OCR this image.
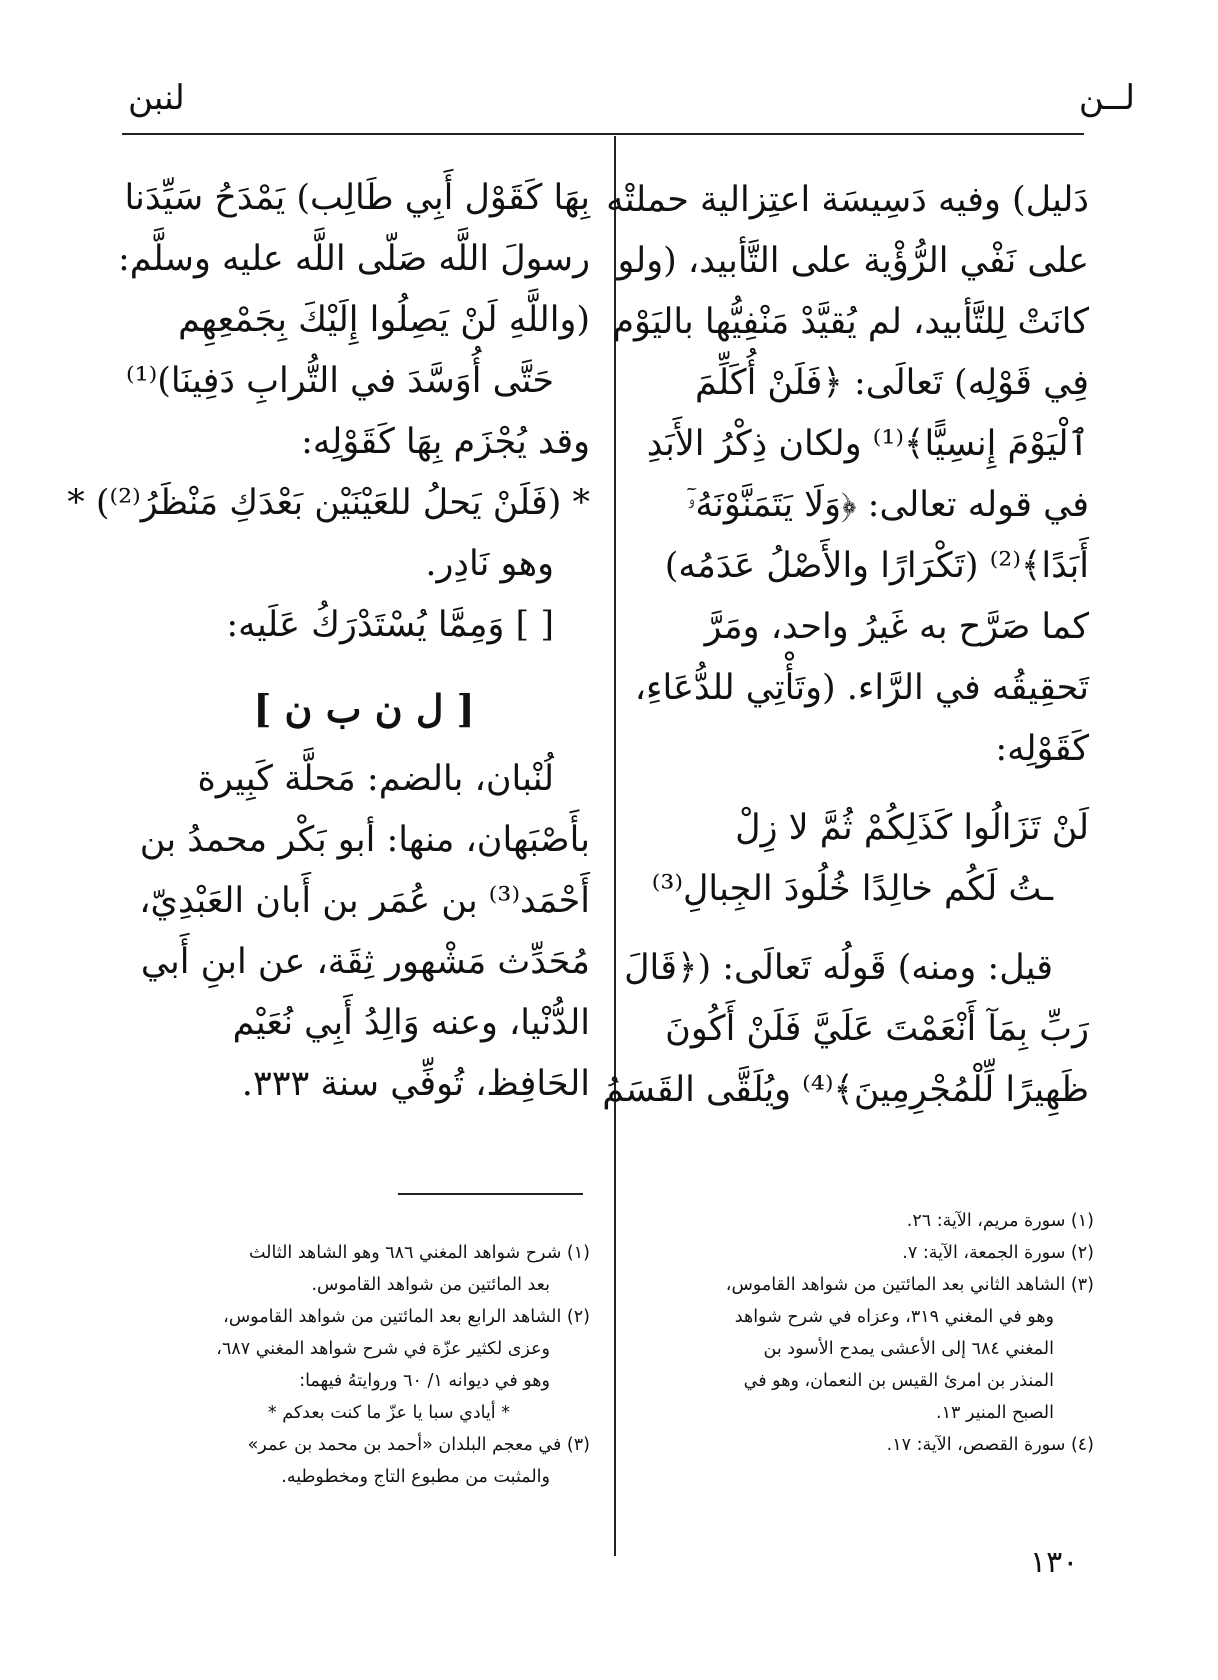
لــن
لنبن
دَليل) وفيه دَسِيسَة اعتِزالية حملتْه
على نَفْي الرُّؤْية على التَّأبيد، (ولو
كانَتْ لِلتَّأبيد، لم يُقيَّدْ مَنْفِيُّها باليَوْم
فِي قَوْلِه) تَعالَى: ﴿فَلَنْ أُكَلِّمَ
ٱلْيَوْمَ إِنسِيًّا﴾⁽¹⁾ ولكان ذِكْرُ الأَبَدِ
في قوله تعالى: ﴿وَلَا يَتَمَنَّوْنَهُۥٓ
أَبَدًا﴾⁽²⁾ (تَكْرَارًا والأَصْلُ عَدَمُه)
كما صَرَّح به غَيرُ واحد، ومَرَّ
تَحقِيقُه في الرَّاء. (وتَأْتِي للدُّعَاءِ،
كَقَوْلِه:
لَنْ تَزَالُوا كَذَلِكُمْ ثُمَّ لا زِلْ
ـتُ لَكُم خالِدًا خُلُودَ الجِبالِ⁽³⁾
قيل: ومنه) قَولُه تَعالَى: (﴿قَالَ
رَبِّ بِمَآ أَنْعَمْتَ عَلَيَّ فَلَنْ أَكُونَ
ظَهِيرًا لِّلْمُجْرِمِينَ﴾⁽⁴⁾ ويُلَقَّى القَسَمُ
بِهَا كَقَوْل أَبِي طَالِب) يَمْدَحُ سَيِّدَنا
رسولَ اللَّه صَلّى اللَّه عليه وسلَّم:
(واللَّهِ لَنْ يَصِلُوا إِلَيْكَ بِجَمْعِهِم
حَتَّى أُوَسَّدَ في التُّرابِ دَفِينَا)⁽¹⁾
وقد يُجْزَم بِهَا كَقَوْلِه:
* (فَلَنْ يَحلُ للعَيْنَيْن بَعْدَكِ مَنْظَرُ⁽²⁾) *
وهو نَادِر.
[ ] وَمِمَّا يُسْتَدْرَكُ عَلَيه:
[ ل ن ب ن ]
لُنْبان، بالضم: مَحلَّة كَبِيرة
بأَصْبَهان، منها: أبو بَكْر محمدُ بن
أَحْمَد⁽³⁾ بن عُمَر بن أَبان العَبْدِيّ،
مُحَدِّث مَشْهور ثِقَة، عن ابنِ أَبي
الدُّنْيا، وعنه وَالِدُ أَبِي نُعَيْم
الحَافِظ، تُوفِّي سنة ٣٣٣.
(١) سورة مريم، الآية: ٢٦.
(٢) سورة الجمعة، الآية: ٧.
(٣) الشاهد الثاني بعد المائتين من شواهد القاموس،
وهو في المغني ٣١٩، وعزاه في شرح شواهد
المغني ٦٨٤ إلى الأعشى يمدح الأسود بن
المنذر بن امرئ القيس بن النعمان، وهو في
الصبح المنير ١٣.
(٤) سورة القصص، الآية: ١٧.
(١) شرح شواهد المغني ٦٨٦ وهو الشاهد الثالث
بعد المائتين من شواهد القاموس.
(٢) الشاهد الرابع بعد المائتين من شواهد القاموس،
وعزى لكثير عزّة في شرح شواهد المغني ٦٨٧،
وهو في ديوانه ١/ ٦٠ وروايتهُ فيهما:
* أيادي سبا يا عزّ ما كنت بعدكم *
(٣) في معجم البلدان «أحمد بن محمد بن عمر»
والمثبت من مطبوع التاج ومخطوطيه.
١٣٠
